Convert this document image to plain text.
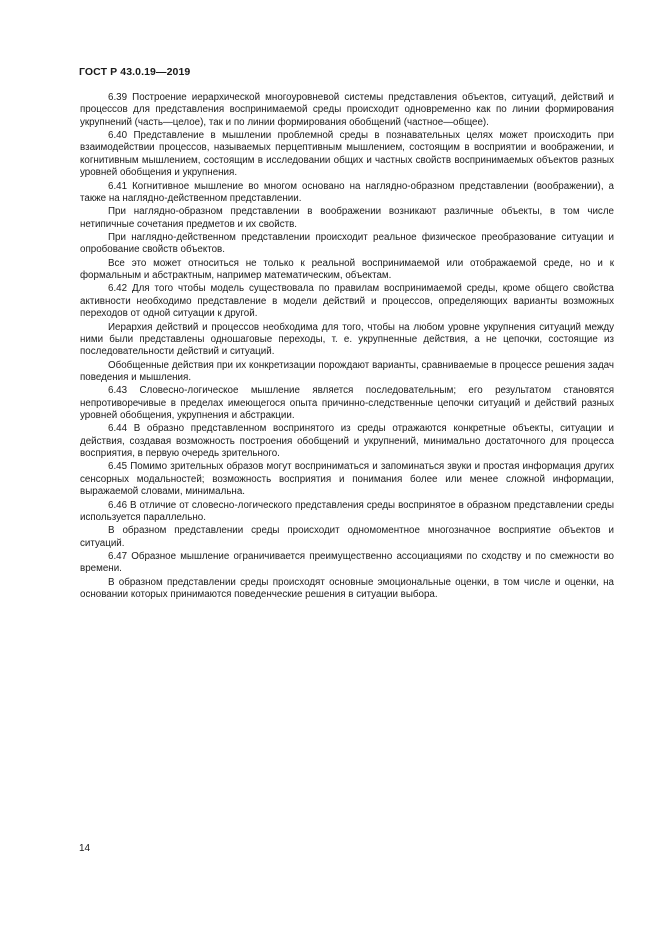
ГОСТ Р 43.0.19—2019

6.39 Построение иерархической многоуровневой системы представления объектов, ситуаций, действий и процессов для представления воспринимаемой среды происходит одновременно как по линии формирования укрупнений (часть—целое), так и по линии формирования обобщений (частное—общее).

6.40 Представление в мышлении проблемной среды в познавательных целях может происходить при взаимодействии процессов, называемых перцептивным мышлением, состоящим в восприятии и воображении, и когнитивным мышлением, состоящим в исследовании общих и частных свойств воспринимаемых объектов разных уровней обобщения и укрупнения.

6.41 Когнитивное мышление во многом основано на наглядно-образном представлении (воображении), а также на наглядно-действенном представлении.

При наглядно-образном представлении в воображении возникают различные объекты, в том числе нетипичные сочетания предметов и их свойств.

При наглядно-действенном представлении происходит реальное физическое преобразование ситуации и опробование свойств объектов.

Все это может относиться не только к реальной воспринимаемой или отображаемой среде, но и к формальным и абстрактным, например математическим, объектам.

6.42 Для того чтобы модель существовала по правилам воспринимаемой среды, кроме общего свойства активности необходимо представление в модели действий и процессов, определяющих варианты возможных переходов от одной ситуации к другой.

Иерархия действий и процессов необходима для того, чтобы на любом уровне укрупнения ситуаций между ними были представлены одношаговые переходы, т. е. укрупненные действия, а не цепочки, состоящие из последовательности действий и ситуаций.

Обобщенные действия при их конкретизации порождают варианты, сравниваемые в процессе решения задач поведения и мышления.

6.43 Словесно-логическое мышление является последовательным; его результатом становятся непротиворечивые в пределах имеющегося опыта причинно-следственные цепочки ситуаций и действий разных уровней обобщения, укрупнения и абстракции.

6.44 В образно представленном воспринятого из среды отражаются конкретные объекты, ситуации и действия, создавая возможность построения обобщений и укрупнений, минимально достаточного для процесса восприятия, в первую очередь зрительного.

6.45 Помимо зрительных образов могут восприниматься и запоминаться звуки и простая информация других сенсорных модальностей; возможность восприятия и понимания более или менее сложной информации, выражаемой словами, минимальна.

6.46 В отличие от словесно-логического представления среды воспринятое в образном представлении среды используется параллельно.

В образном представлении среды происходит одномоментное многозначное восприятие объектов и ситуаций.

6.47 Образное мышление ограничивается преимущественно ассоциациями по сходству и по смежности во времени.

В образном представлении среды происходят основные эмоциональные оценки, в том числе и оценки, на основании которых принимаются поведенческие решения в ситуации выбора.

14
